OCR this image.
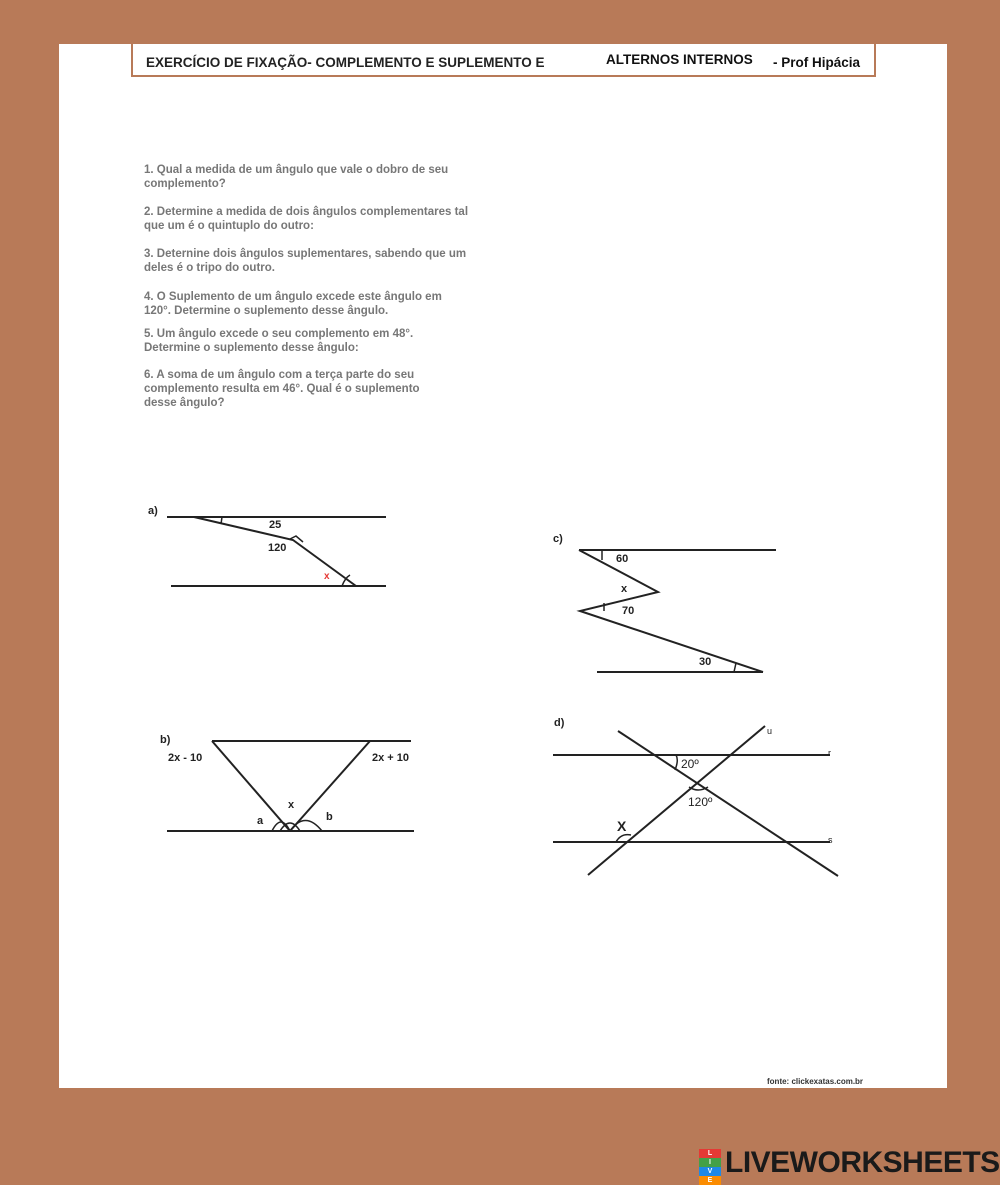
EXERCÍCIO DE FIXAÇÃO- COMPLEMENTO E SUPLEMENTO E	ALTERNOS INTERNOS - Prof Hipácia
1. Qual a medida de um ângulo que vale o dobro de seu complemento?
2. Determine a medida de dois ângulos complementares tal que um é o quintuplo do outro:
3. Deternine dois ângulos suplementares, sabendo que um deles é o tripo do outro.
4. O Suplemento de um ângulo excede este ângulo em 120°. Determine o suplemento desse ângulo.
5. Um ângulo excede o seu complemento em 48°. Determine o suplemento desse ângulo:
6. A soma de um ângulo com a terça parte do seu complemento resulta em 46°. Qual é o suplemento desse ângulo?
a)
25
120
x
b)
2x - 10	2x + 10
x
a	b
c)
60
x
70
30
d)
20º
120º
X
u
r
s
fonte: clickexatas.com.br
L
I
V
E
LIVEWORKSHEETS
